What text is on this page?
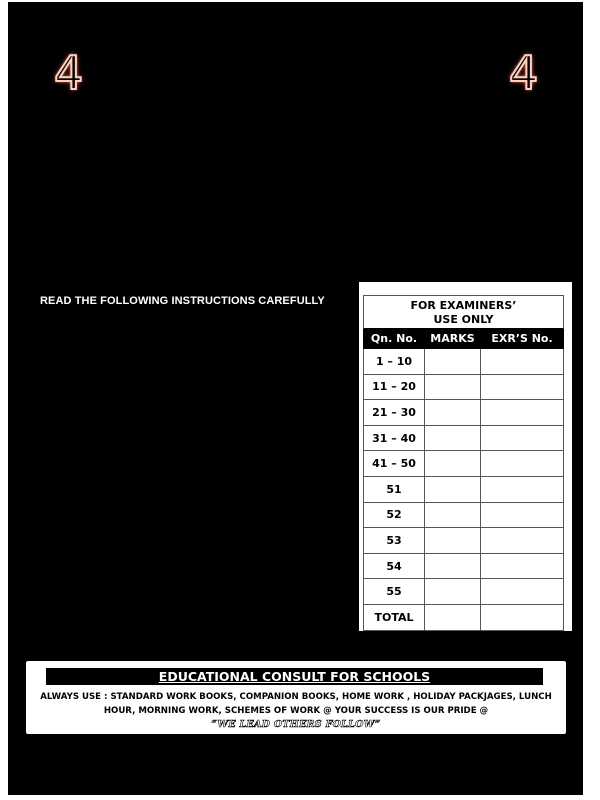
4	4
READ THE FOLLOWING INSTRUCTIONS CAREFULLY	FOR EXAMINERS’
USE ONLY		

Qn. No.	MARKS	EXR’S No.
1 – 10		
11 – 20		
21 – 30		
31 – 40		
41 – 50		
51		
52		
53		
54		
55		
TOTAL		
EDUCATIONAL CONSULT FOR SCHOOLS
ALWAYS USE : STANDARD WORK BOOKS, COMPANION BOOKS, HOME WORK , HOLIDAY PACKJAGES, LUNCH
HOUR, MORNING WORK, SCHEMES OF WORK @ YOUR SUCCESS IS OUR PRIDE @
“WE LEAD OTHERS FOLLOW”
